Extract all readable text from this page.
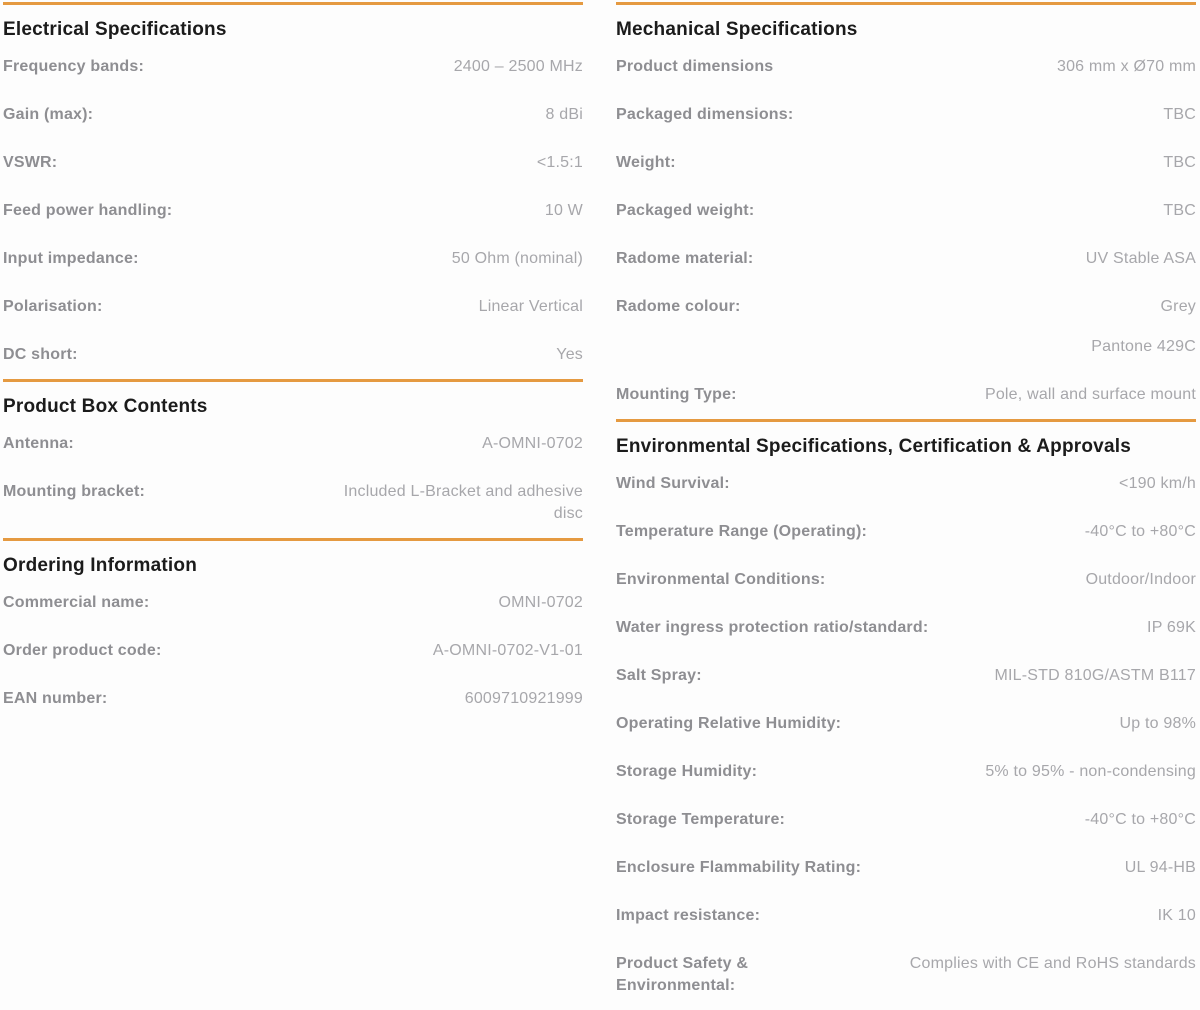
Electrical Specifications
Frequency bands:	2400 – 2500 MHz
Gain (max):	8 dBi
VSWR:	<1.5:1
Feed power handling:	10 W
Input impedance:	50 Ohm (nominal)
Polarisation:	Linear Vertical
DC short:	Yes
Product Box Contents
Antenna:	A-OMNI-0702
Mounting bracket:	Included L-Bracket and adhesive
disc
Ordering Information
Commercial name:	OMNI-0702
Order product code:	A-OMNI-0702-V1-01
EAN number:	6009710921999
Mechanical Specifications
Product dimensions	306 mm x Ø70 mm
Packaged dimensions:	TBC
Weight:	TBC
Packaged weight:	TBC
Radome material:	UV Stable ASA
Radome colour:	Grey
Pantone 429C
Mounting Type:	Pole, wall and surface mount
Environmental Specifications, Certification & Approvals
Wind Survival:	<190 km/h
Temperature Range (Operating):	-40°C to +80°C
Environmental Conditions:	Outdoor/Indoor
Water ingress protection ratio/standard:	IP 69K
Salt Spray:	MIL-STD 810G/ASTM B117
Operating Relative Humidity:	Up to 98%
Storage Humidity:	5% to 95% - non-condensing
Storage Temperature:	-40°C to +80°C
Enclosure Flammability Rating:	UL 94-HB
Impact resistance:	IK 10
Product Safety &
Environmental:
Complies with CE and RoHS standards
